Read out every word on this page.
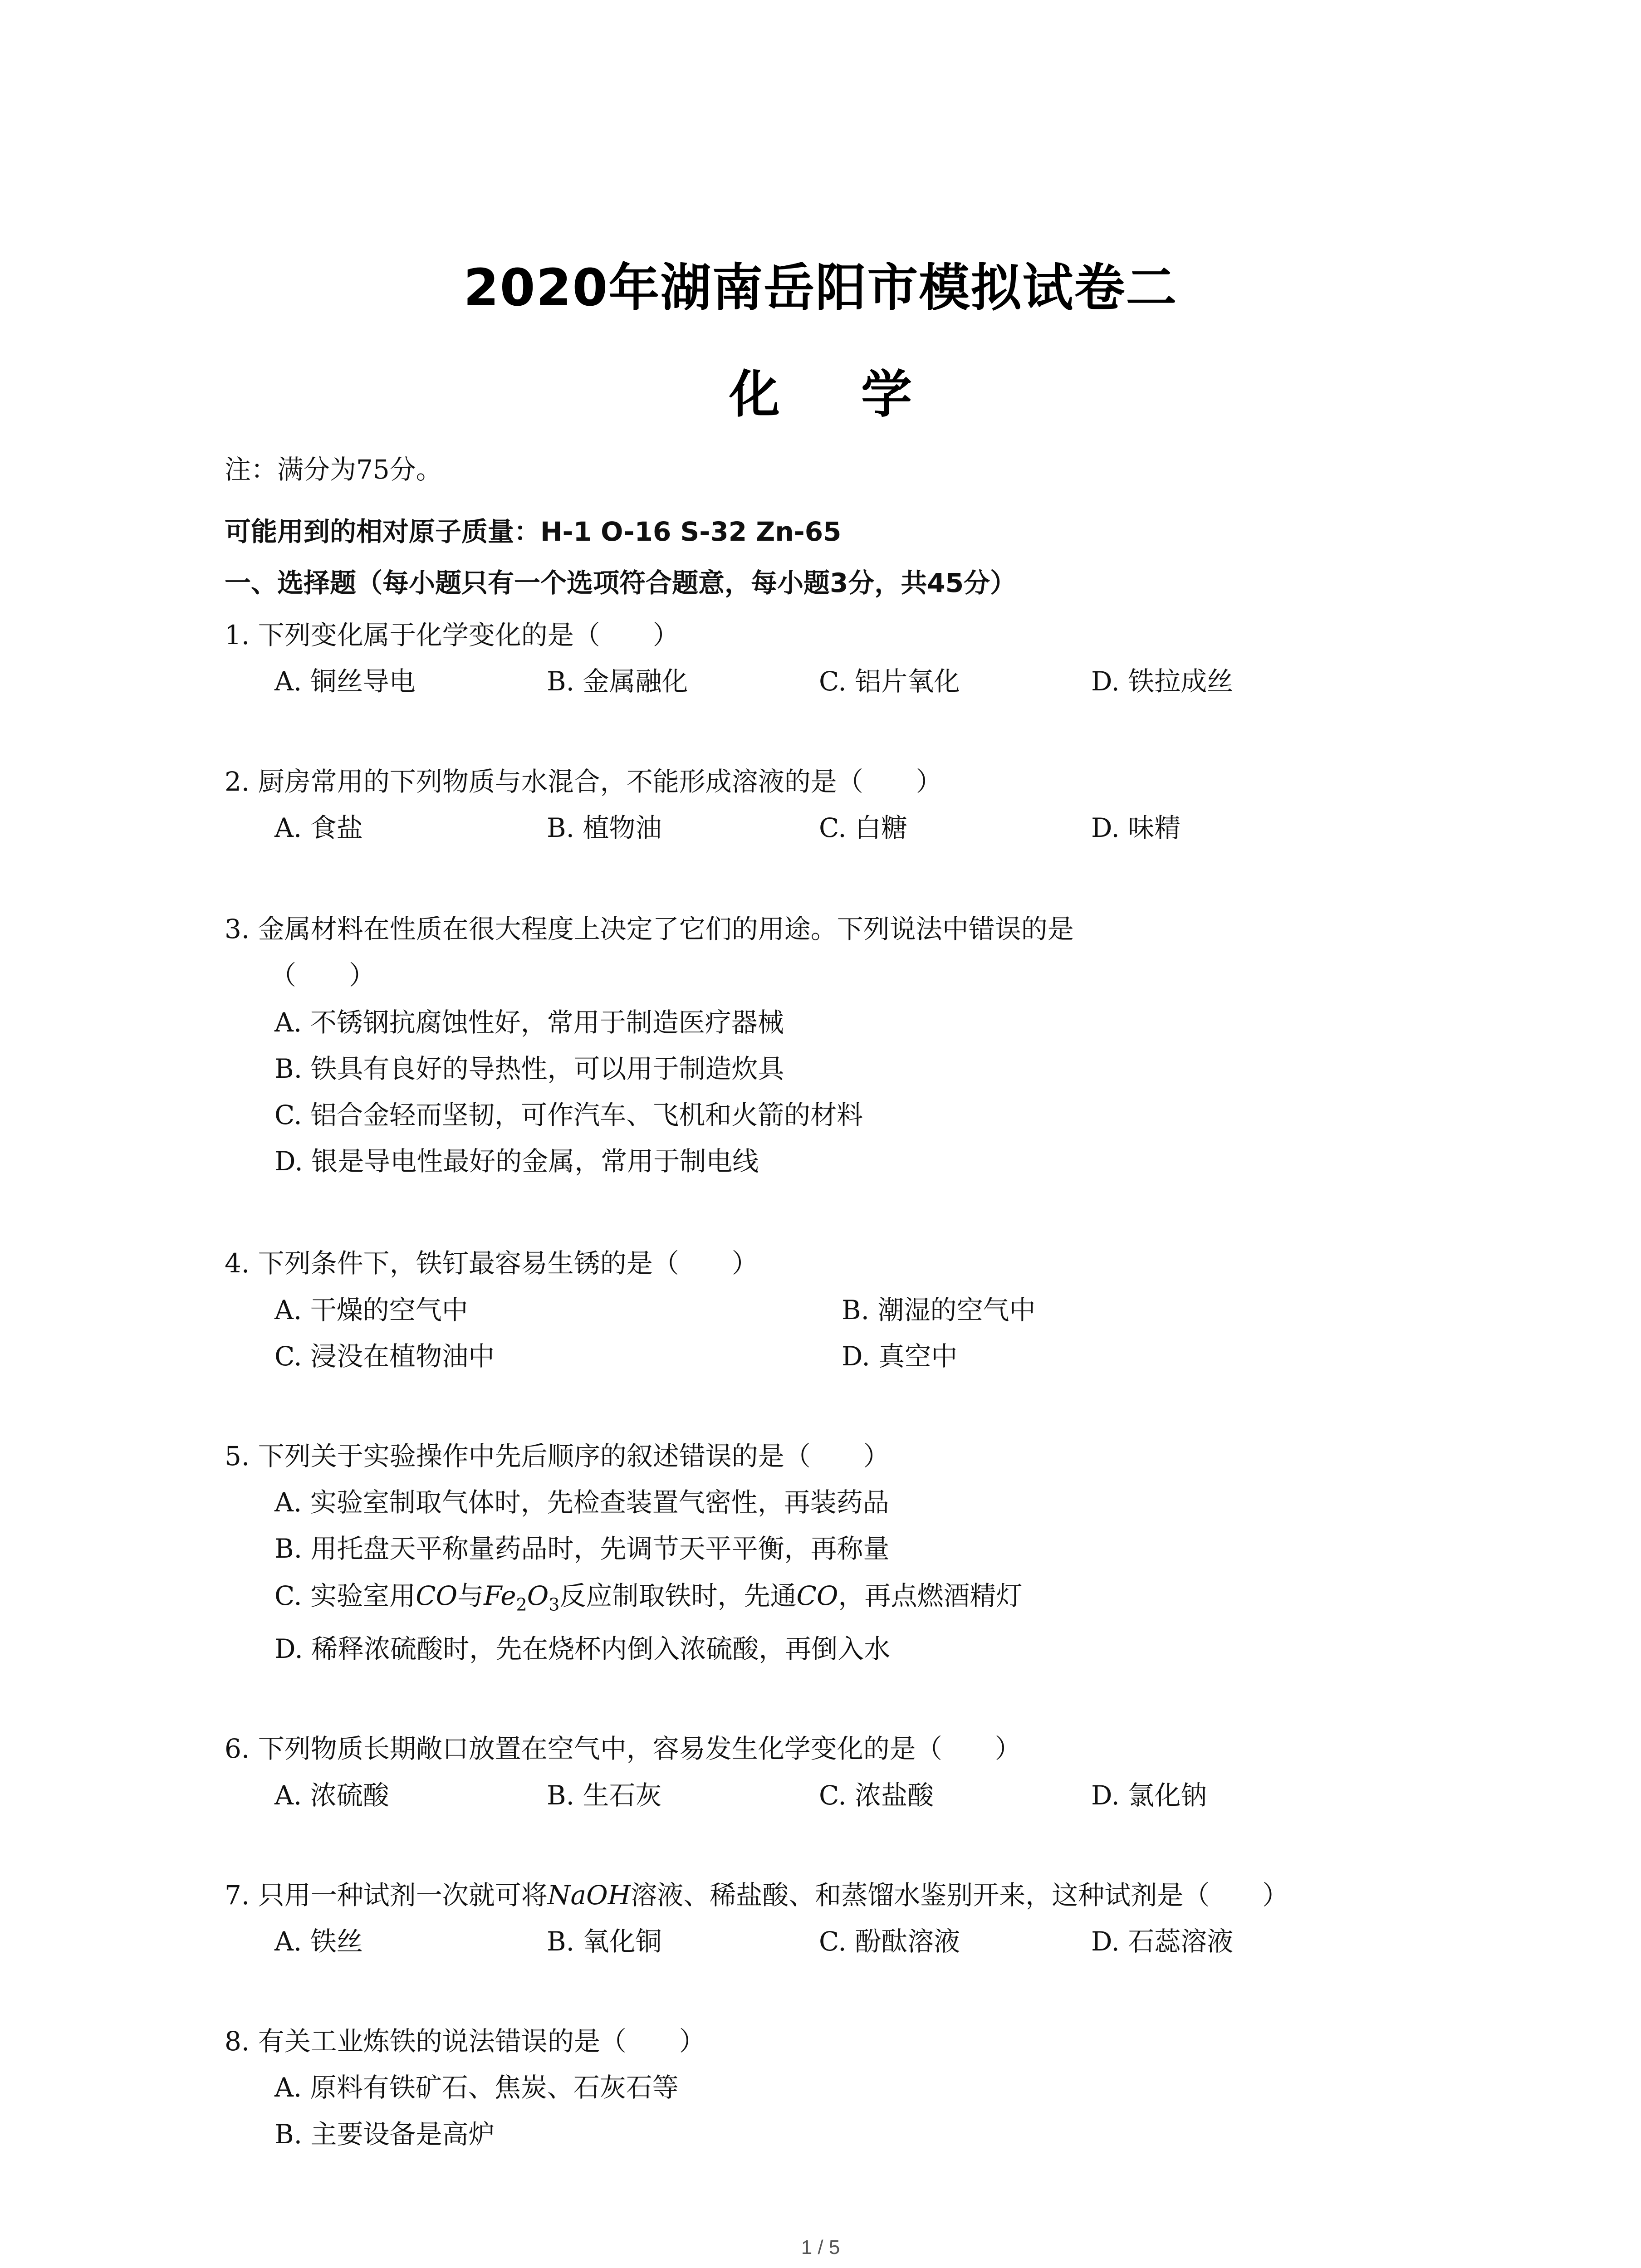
2020年湖南岳阳市模拟试卷二
化 学
注：满分为75分。
可能用到的相对原子质量：H-1 O-16 S-32 Zn-65
一、选择题（每小题只有一个选项符合题意，每小题3分，共45分）
1. 下列变化属于化学变化的是（　　）
A. 铜丝导电	B. 金属融化	C. 铝片氧化	D. 铁拉成丝
2. 厨房常用的下列物质与水混合，不能形成溶液的是（　　）
A. 食盐	B. 植物油	C. 白糖	D. 味精
3. 金属材料在性质在很大程度上决定了它们的用途。下列说法中错误的是
（　　）
A. 不锈钢抗腐蚀性好，常用于制造医疗器械
B. 铁具有良好的导热性，可以用于制造炊具
C. 铝合金轻而坚韧，可作汽车、飞机和火箭的材料
D. 银是导电性最好的金属，常用于制电线
4. 下列条件下，铁钉最容易生锈的是（　　）
A. 干燥的空气中	B. 潮湿的空气中
C. 浸没在植物油中	D. 真空中
5. 下列关于实验操作中先后顺序的叙述错误的是（　　）
A. 实验室制取气体时，先检查装置气密性，再装药品
B. 用托盘天平称量药品时，先调节天平平衡，再称量
C. 实验室用CO与$Fe_2O_3$反应制取铁时，先通CO，再点燃酒精灯
D. 稀释浓硫酸时，先在烧杯内倒入浓硫酸，再倒入水
6. 下列物质长期敞口放置在空气中，容易发生化学变化的是（　　）
A. 浓硫酸	B. 生石灰	C. 浓盐酸	D. 氯化钠
7. 只用一种试剂一次就可将NaOH溶液、稀盐酸、和蒸馏水鉴别开来，这种试剂是（　　）
A. 铁丝	B. 氧化铜	C. 酚酞溶液	D. 石蕊溶液
8. 有关工业炼铁的说法错误的是（　　）
A. 原料有铁矿石、焦炭、石灰石等
B. 主要设备是高炉
1 / 5
